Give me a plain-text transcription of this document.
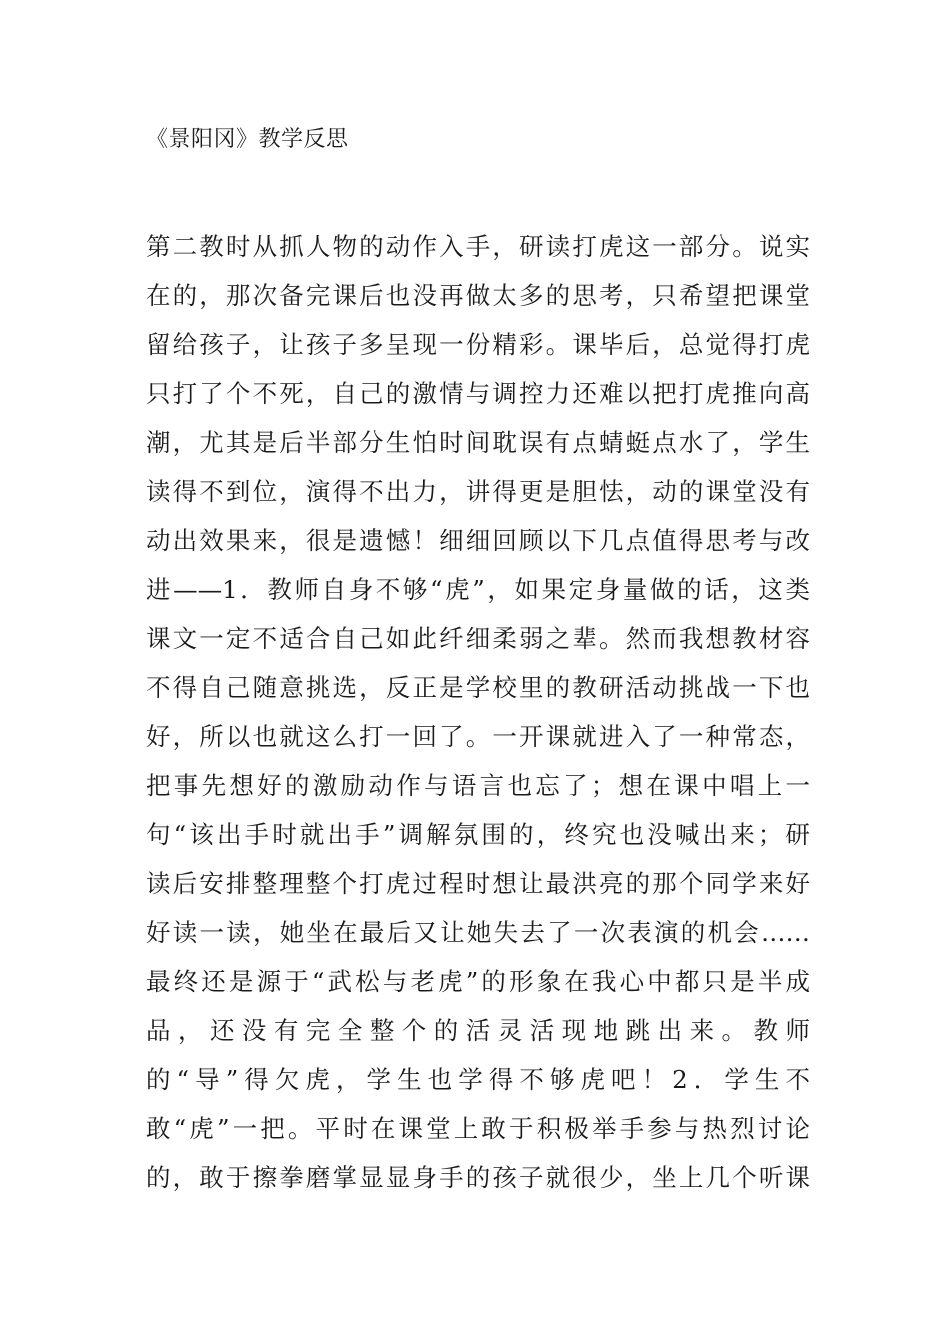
《景阳冈》教学反思
第二教时从抓人物的动作入手，研读打虎这一部分。说实
在的，那次备完课后也没再做太多的思考，只希望把课堂
留给孩子，让孩子多呈现一份精彩。课毕后，总觉得打虎
只打了个不死，自己的激情与调控力还难以把打虎推向高
潮，尤其是后半部分生怕时间耽误有点蜻蜓点水了，学生
读得不到位，演得不出力，讲得更是胆怯，动的课堂没有
动出效果来，很是遗憾！细细回顾以下几点值得思考与改
进——1．教师自身不够“虎”，如果定身量做的话，这类
课文一定不适合自己如此纤细柔弱之辈。然而我想教材容
不得自己随意挑选，反正是学校里的教研活动挑战一下也
好，所以也就这么打一回了。一开课就进入了一种常态，
把事先想好的激励动作与语言也忘了；想在课中唱上一
句“该出手时就出手”调解氛围的，终究也没喊出来；研
读后安排整理整个打虎过程时想让最洪亮的那个同学来好
好读一读，她坐在最后又让她失去了一次表演的机会……
最终还是源于“武松与老虎”的形象在我心中都只是半成
品，还没有完全整个的活灵活现地跳出来。教师
的“导”得欠虎，学生也学得不够虎吧！2．学生不
敢“虎”一把。平时在课堂上敢于积极举手参与热烈讨论
的，敢于擦拳磨掌显显身手的孩子就很少，坐上几个听课
